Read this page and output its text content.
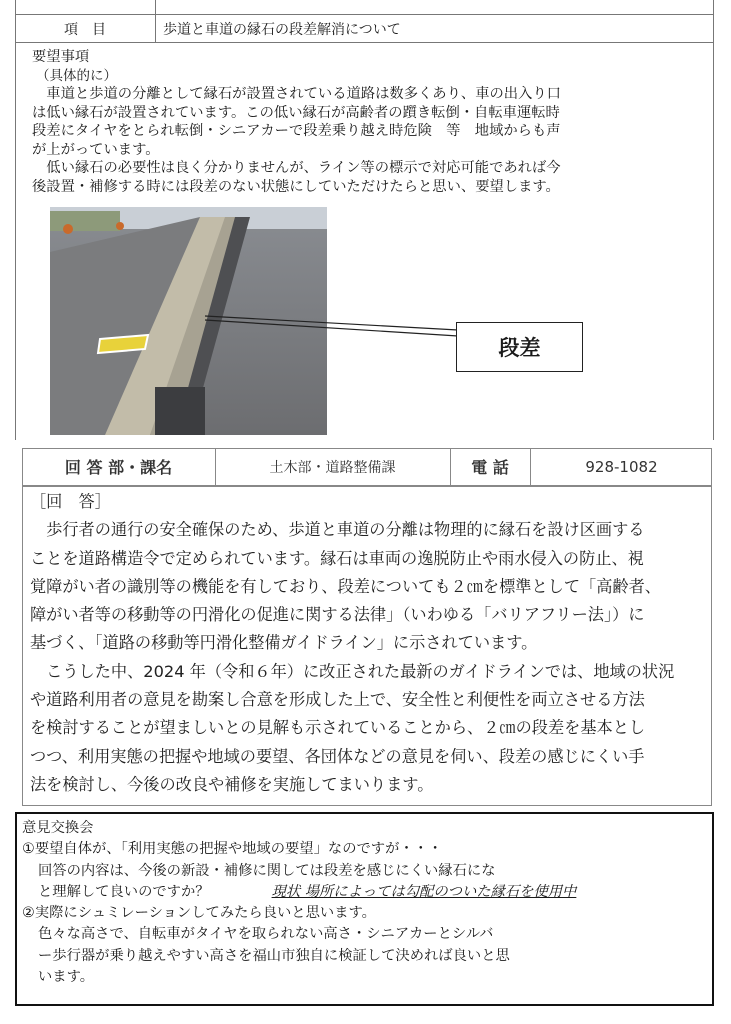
項　目	歩道と車道の縁石の段差解消について

要望事項

（具体的に）

　車道と歩道の分離として縁石が設置されている道路は数多くあり、車の出入り口

は低い縁石が設置されています。この低い縁石が高齢者の躓き転倒・自転車運転時

段差にタイヤをとられ転倒・シニアカーで段差乗り越え時危険　等　地域からも声

が上がっています。

　低い縁石の必要性は良く分かりませんが、ライン等の標示で対応可能であれば今

後設置・補修する時には段差のない状態にしていただけたらと思い、要望します。

段差
回 答 部・課名	土木部・道路整備課	電 話	928-1082

［回　答］

　歩行者の通行の安全確保のため、歩道と車道の分離は物理的に縁石を設け区画する

ことを道路構造令で定められています。縁石は車両の逸脱防止や雨水侵入の防止、視

覚障がい者の識別等の機能を有しており、段差についても２㎝を標準として「高齢者、

障がい者等の移動等の円滑化の促進に関する法律」（いわゆる「バリアフリー法」）に

基づく、「道路の移動等円滑化整備ガイドライン」に示されています。

　こうした中、2024 年（令和６年）に改正された最新のガイドラインでは、地域の状況

や道路利用者の意見を勘案し合意を形成した上で、安全性と利便性を両立させる方法

を検討することが望ましいとの見解も示されていることから、２㎝の段差を基本とし

つつ、利用実態の把握や地域の要望、各団体などの意見を伺い、段差の感じにくい手

法を検討し、今後の改良や補修を実施してまいります。

意見交換会

①要望自体が、「利用実態の把握や地域の要望」なのですが・・・

回答の内容は、今後の新設・補修に関しては段差を感じにくい縁石にな

と理解して良いのですか？	現状 場所によっては勾配のついた縁石を使用中

②実際にシュミレーションしてみたら良いと思います。

色々な高さで、自転車がタイヤを取られない高さ・シニアカーとシルバ

ー歩行器が乗り越えやすい高さを福山市独自に検証して決めれば良いと思

います。
